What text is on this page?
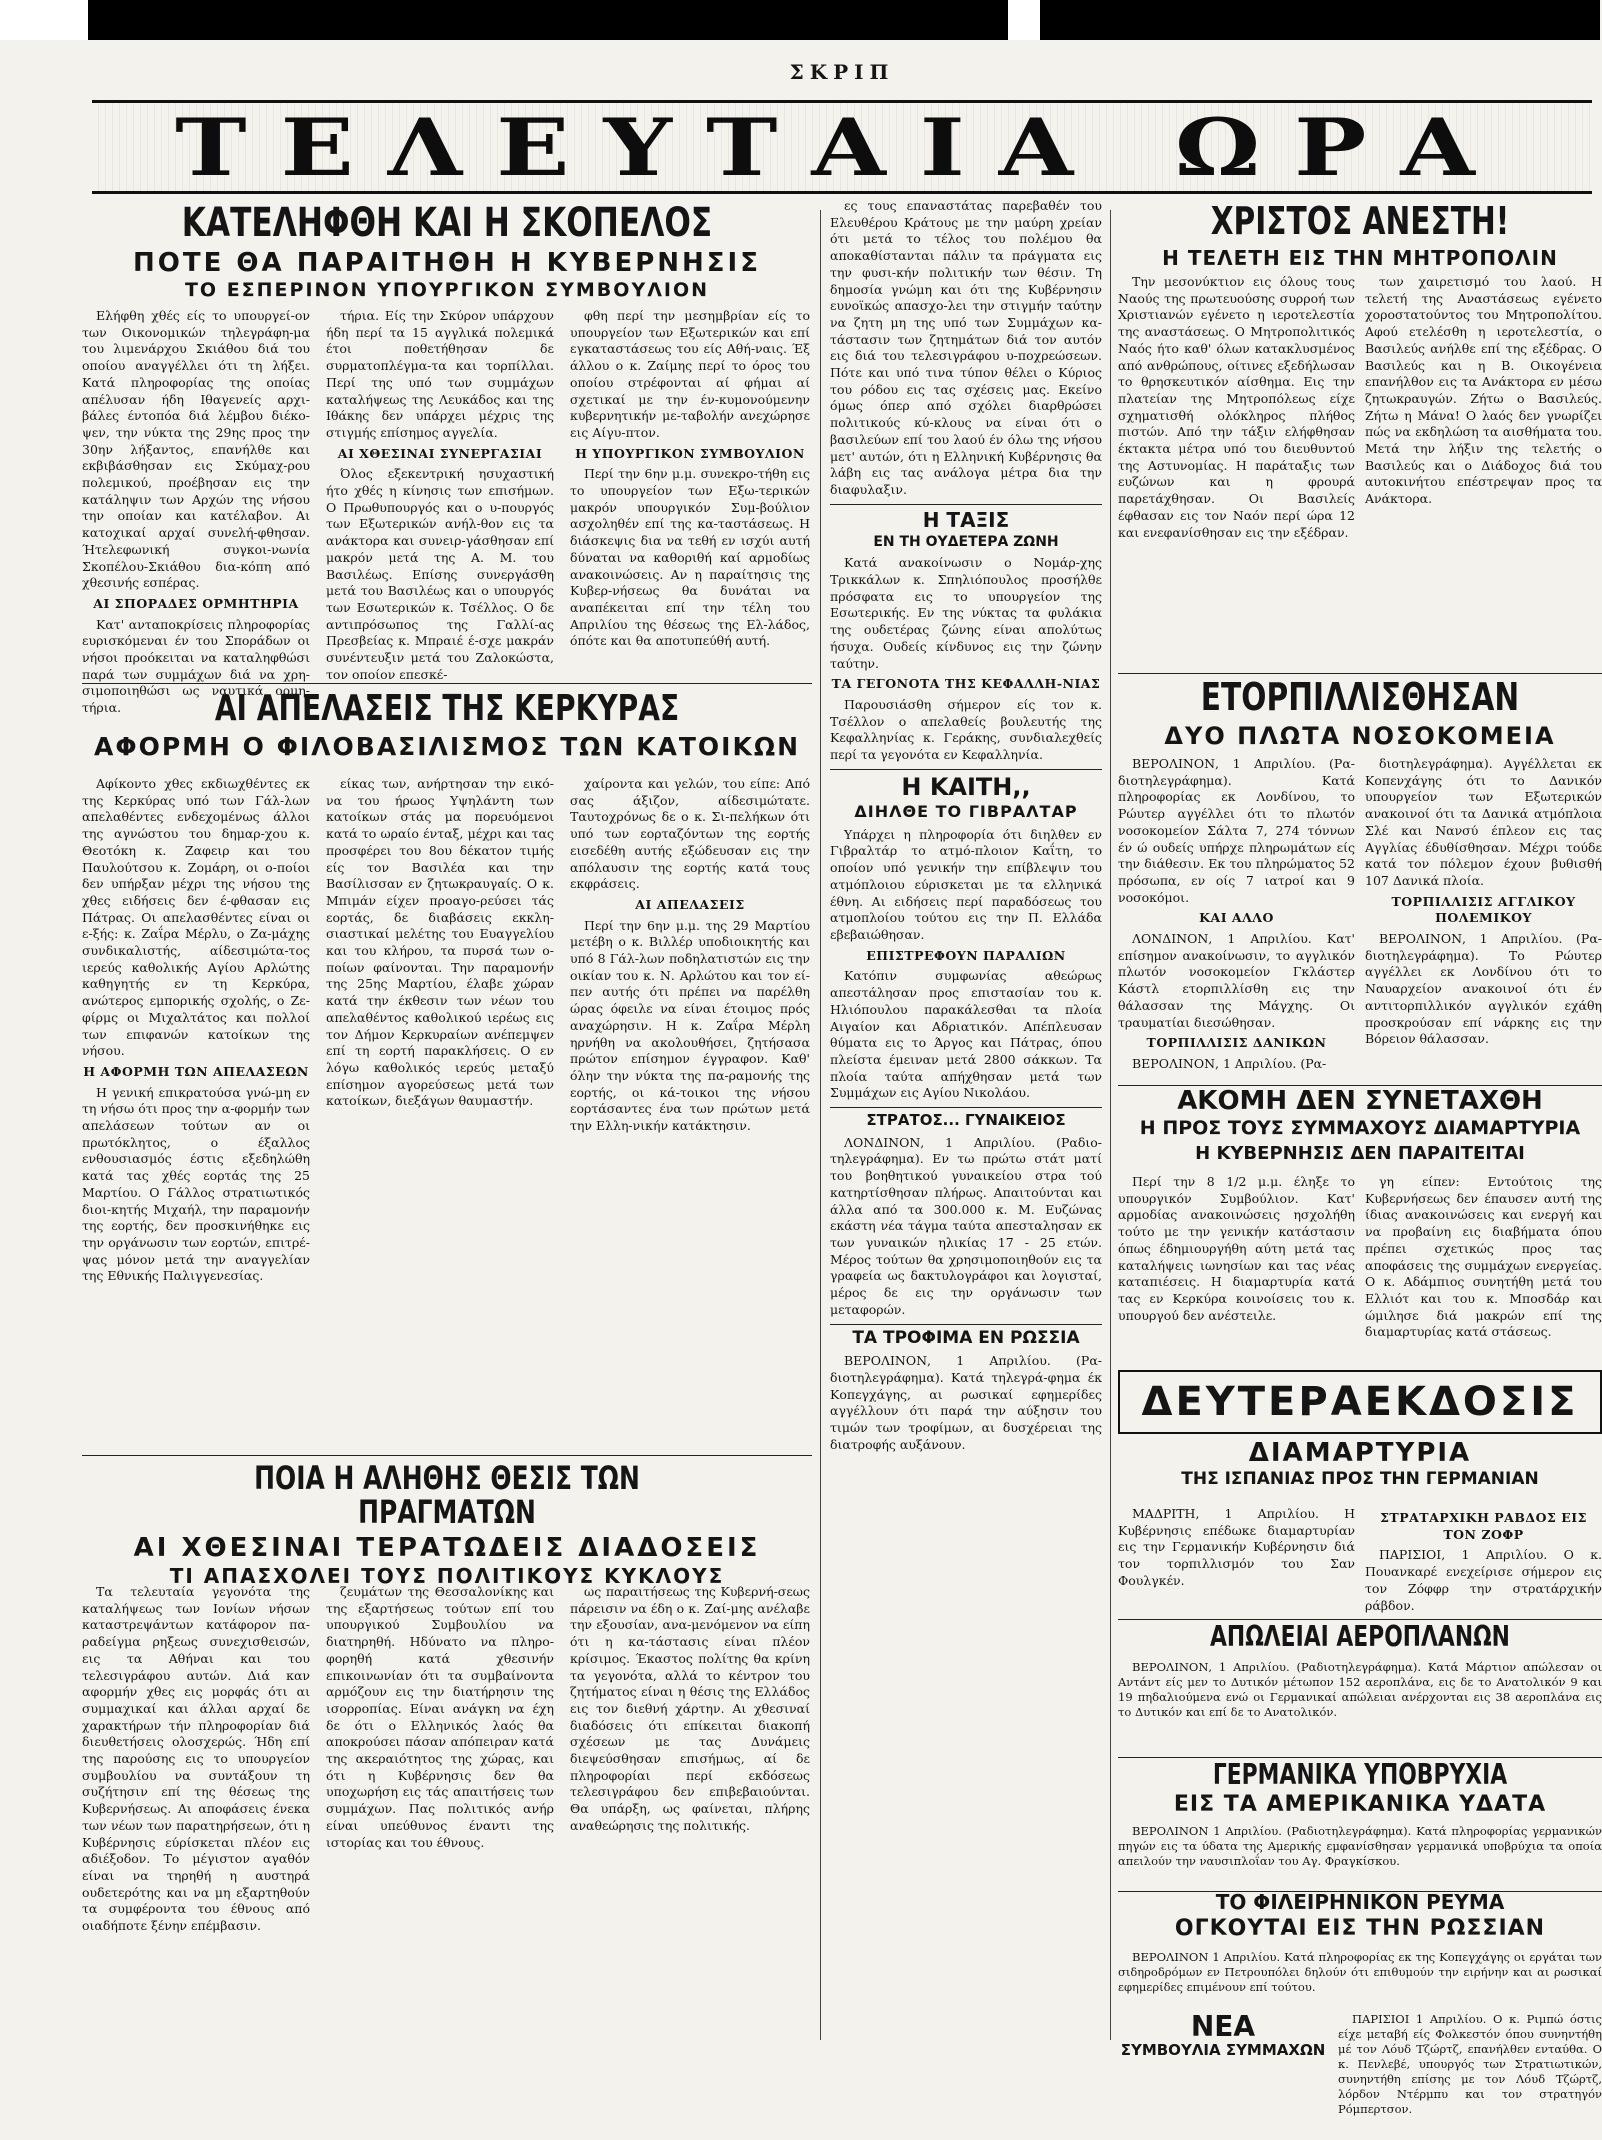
ΣΚΡΙΠ
ΤΕΛΕΥΤΑΙΑ ΩΡΑ
ΚΑΤΕΛΗΦΘΗ ΚΑΙ Η ΣΚΟΠΕΛΟΣ
ΠΟΤΕ ΘΑ ΠΑΡΑΙΤΗΘΗ Η ΚΥΒΕΡΝΗΣΙΣ
ΤΟ ΕΣΠΕΡΙΝΟΝ ΥΠΟΥΡΓΙΚΟΝ ΣΥΜΒΟΥΛΙΟΝ

Ελήφθη χθές είς το υπουργεί-ον των Οικονομικών τηλεγράφη-μα του λιμενάρχου Σκιάθου διά του οποίου αναγγέλλει ότι τη λήξει. Κατά πληροφορίας της οποίας απέλυσαν ήδη Ιθαγενείς αρχι-βάλες έντοπόα διά λέμβου διέκο-ψεν, την νύκτα της 29ης προς την 30ην λήξαντος, επανήλθε και εκβιβάσθησαν εις Σκύμαχ-ρου πολεμικού, προέβησαν εις την κατάληψιν των Αρχών της νήσου την οποίαν και κατέλαβον. Αι κατοχικαί αρχαί συνελή-φθησαν. Ήτελεφωνική συγκοι-νωνία Σκοπέλου-Σκιάθου δια-κόπη από χθεσινής εσπέρας.

ΑΙ ΣΠΟΡΑΔΕΣ ΟΡΜΗΤΗΡΙΑ

Κατ' ανταποκρίσεις πληροφορίας ευρισκόμεναι έν του Σποράδων οι νήσοι προόκειται να καταληφθώσι παρά των συμμάχων διά να χρη-σιμοποιηθώσι ως ναυτικά ορμη-τήρια.

τήρια. Είς την Σκύρον υπάρχουν ήδη περί τα 15 αγγλικά πολεμικά έτοι ποθετήθησαν δε συρματοπλέγμα-τα και τορπίλλαι. Περί της υπό των συμμάχων καταλήψεως της Λευκάδος και της Ιθάκης δεν υπάρχει μέχρις της στιγμής επίσημος αγγελία.

ΑΙ ΧΘΕΣΙΝΑΙ ΣΥΝΕΡΓΑΣΙΑΙ

Όλος εξεκεντρική ησυχαστική ήτο χθές η κίνησις των επισήμων. Ο Πρωθυπουργός και ο υ-πουργός των Εξωτερικών ανήλ-θον εις τα ανάκτορα και συνειρ-γάσθησαν επί μακρόν μετά της Α. Μ. του Βασιλέως. Επίσης συνεργάσθη μετά του Βασιλέως και ο υπουργός των Εσωτερικών κ. Τσέλλος. Ο δε αντιπρόσωπος της Γαλλί-ας Πρεσβείας κ. Μπραιέ έ-σχε μακράν συνέντευξιν μετά του Ζαλοκώστα, τον οποίον επεσκέ-

φθη περί την μεσημβρίαν είς το υπουργείον των Εξωτερικών και επί εγκαταστάσεως του είς Αθή-ναις. Έξ άλλου ο κ. Ζαίμης περί το όρος του οποίου στρέφονται αί φήμαι αί σχετικαί με την έν-κυμονούμενην κυβερνητικήν με-ταβολήν ανεχώρησε εις Αίγυ-πτον.

Η ΥΠΟΥΡΓΙΚΟΝ ΣΥΜΒΟΥΛΙΟΝ

Περί την 6ην μ.μ. συνεκρο-τήθη εις το υπουργείον των Εξω-τερικών μακρόν υπουργικόν Συμ-βούλιον ασχοληθέν επί της κα-ταστάσεως. Η διάσκεψις δια να τεθή εν ισχύι αυτή δύναται να καθοριθή καί αρμοδίως ανακοινώσεις. Αν η παραίτησις της Κυβερ-νήσεως θα δυνάται να αναπέκειται επί την τέλη του Απριλίου της θέσεως της Ελ-λάδος, όπότε και θα αποτυπεύθή αυτή.

ΑΙ ΑΠΕΛΑΣΕΙΣ ΤΗΣ ΚΕΡΚΥΡΑΣ
ΑΦΟΡΜΗ Ο ΦΙΛΟΒΑΣΙΛΙΣΜΟΣ ΤΩΝ ΚΑΤΟΙΚΩΝ

Αφίκοντο χθες εκδιωχθέντες εκ της Κερκύρας υπό των Γάλ-λων απελαθέντες ενδεχομένως άλλοι της αγνώστου του δημαρ-χου κ. Θεοτόκη κ. Ζαφειρ και του Παυλούτσου κ. Ζομάρη, οι ο-ποίοι δεν υπήρξαν μέχρι της νήσου της χθες ειδήσεις δεν έ-φθασαν εις Πάτρας. Οι απελασθέντες είναι οι ε-ξής: κ. Ζαΐρα Μέρλυ, ο Ζα-μάχης συνδικαλιστής, αίδεσιμώτα-τος ιερεύς καθολικής Αγίου Αρλώτης καθηγητής εν τη Κερκύρα, ανώτερος εμπορικής σχολής, ο Ζε-φίρμς οι Μιχαλτάτος και πολλοί των επιφανών κατοίκων της νήσου.

Η ΑΦΟΡΜΗ ΤΩΝ ΑΠΕΛΑΣΕΩΝ

Η γενική επικρατούσα γνώ-μη εν τη νήσω ότι προς την α-φορμήν των απελάσεων τούτων αν οι πρωτόκλητος, ο έξαλλος ενθουσιασμός έστις εξεδηλώθη κατά τας χθές εορτάς της 25 Μαρτίου. Ο Γάλλος στρατιωτικός διοι-κητής Μιχαήλ, την παραμονήν της εορτής, δεν προσκινήθηκε εις την οργάνωσιν των εορτών, επιτρέ-ψας μόνον μετά την αναγγελίαν της Εθνικής Παλιγγενεσίας.

είκας των, ανήρτησαν την εικό-να του ήρωος Υψηλάντη των κατοίκων στάς μα πορευόμενοι κατά το ωραίο ένταξ, μέχρι και τας προσφέρει του 8ου δέκατον τιμής είς τον Βασιλέα και την Βασίλισσαν εν ζητωκραυγαίς. Ο κ. Μπιμάν είχεν προαγο-ρεύσει τάς εορτάς, δε διαβάσεις εκκλη-σιαστικαί μελέτης του Ευαγγελίου και του κλήρου, τα πυρσά των ο-ποίων φαίνονται. Την παραμονήν της 25ης Μαρτίου, έλαβε χώραν κατά την έκθεσιν των νέων του απελαθέντος καθολικού ιερέως εις τον Δήμον Κερκυραίων ανέπεμψεν επί τη εορτή παρακλήσεις. Ο εν λόγω καθολικός ιερεύς μεταξύ επίσημον αγορεύσεως μετά των κατοίκων, διεξάγων θαυμαστήν.

χαίροντα και γελών, του είπε: Από σας άξιζον, αίδεσιμώτατε. Ταυτοχρόνως δε ο κ. Σι-πελήκων ότι υπό των εορταζόντων της εορτής εισεδέθη αυτής εξώδευσαν εις την απόλαυσιν της εορτής κατά τους εκφράσεις.

ΑΙ ΑΠΕΛΑΣΕΙΣ

Περί την 6ην μ.μ. της 29 Μαρτίου μετέβη ο κ. Βιλλέρ υποδιοικητής και υπό 8 Γάλ-λων ποδηλατιστών εις την οικίαν του κ. Ν. Αρλώτου και τον εί-πεν αυτής ότι πρέπει να παρέλθη ώρας όφειλε να είναι έτοιμος πρός αναχώρησιν. Η κ. Ζαΐρα Μέρλη ηρνήθη να ακολουθήσει, ζητήσασα πρώτον επίσημον έγγραφον. Καθ' όλην την νύκτα της πα-ραμονής της εορτής, οι κά-τοικοι της νήσου εορτάσαντες ένα των πρώτων μετά την Ελλη-νικήν κατάκτησιν.

ΠΟΙΑ Η ΑΛΗΘΗΣ ΘΕΣΙΣ ΤΩΝ ΠΡΑΓΜΑΤΩΝ
ΑΙ ΧΘΕΣΙΝΑΙ ΤΕΡΑΤΩΔΕΙΣ ΔΙΑΔΟΣΕΙΣ
ΤΙ ΑΠΑΣΧΟΛΕΙ ΤΟΥΣ ΠΟΛΙΤΙΚΟΥΣ ΚΥΚΛΟΥΣ

Τα τελευταία γεγονότα της καταλήψεως των Ιονίων νήσων καταστρεψάντων κατάφορον πα-ραδείγμα ρηξεως συνεχισθεισών, εις τα Αθήναι και του τελεσιγράφου αυτών. Διά καν αφορμήν χθες εις μορφάς ότι αι συμμαχικαί και άλλαι αρχαί δε χαρακτήρων τήν πληροφορίαν διά διευθετήσεις ολοσχερώς. Ήδη επί της παρούσης εις το υπουργείον συμβουλίου να συντάξουν τη συζήτησιν επί της θέσεως της Κυβερνήσεως. Αι αποφάσεις ένεκα των νέων των παρατηρήσεων, ότι η Κυβέρνησις εύρίσκεται πλέον εις αδιέξοδον. Το μέγιστον αγαθόν είναι να τηρηθή η αυστηρά ουδετερότης και να μη εξαρτηθούν τα συμφέροντα του έθνους από οιαδήποτε ξένην επέμβασιν.

ζευμάτων της Θεσσαλονίκης και της εξαρτήσεως τούτων επί του υπουργικού Συμβουλίου να διατηρηθή. Ηδύνατο να πληρο-φορηθή κατά χθεσινήν επικοινωνίαν ότι τα συμβαίνοντα αρμόζουν εις την διατήρησιν της ισορροπίας. Είναι ανάγκη να έχη δε ότι ο Ελληνικός λαός θα αποκρούσει πάσαν απόπειραν κατά της ακεραιότητος της χώρας, και ότι η Κυβέρνησις δεν θα υποχωρήση εις τάς απαιτήσεις των συμμάχων. Πας πολιτικός ανήρ είναι υπεύθυνος έναντι της ιστορίας και του έθνους.

ως παραιτήσεως της Κυβερνή-σεως πάρεισιν να έδη ο κ. Ζαί-μης ανέλαβε την εξουσίαν, ανα-μενόμενον να είπη ότι η κα-τάστασις είναι πλέον κρίσιμος. Έκαστος πολίτης θα κρίνη τα γεγονότα, αλλά το κέντρον του ζητήματος είναι η θέσις της Ελλάδος εις τον διεθνή χάρτην. Αι χθεσιναί διαδόσεις ότι επίκειται διακοπή σχέσεων με τας Δυνάμεις διεψεύσθησαν επισήμως, αί δε πληροφορίαι περί εκδόσεως τελεσιγράφου δεν επιβεβαιούνται. Θα υπάρξη, ως φαίνεται, πλήρης αναθεώρησις της πολιτικής.

ες τους επαναστάτας παρεβαθέν του Ελευθέρου Κράτους με την μαύρη χρείαν ότι μετά το τέλος του πολέμου θα αποκαθίστανται πάλιν τα πράγματα εις την φυσι-κήν πολιτικήν των θέσιν. Τη δημοσία γνώμη και ότι της Κυβέρνησιν ευνοϊκώς απασχο-λει την στιγμήν ταύτην να ζητη μη της υπό των Συμμάχων κα-τάστασιν των ζητημάτων διά τον αυτόν εις διά του τελεσιγράφου υ-ποχρεώσεων. Πότε και υπό τινα τύπον θέλει ο Κύριος του ρόδου εις τας σχέσεις μας. Εκείνο όμως όπερ από σχόλει διαρθρώσει πολιτικούς κύ-κλους να είναι ότι ο βασιλεύων επί του λαού έν όλω της νήσου μετ' αυτών, ότι η Ελληνική Κυβέρνησις θα λάβη εις τας ανάλογα μέτρα δια την διαφυλαξιν.

Η ΤΑΞΙΣ
ΕΝ ΤΗ ΟΥΔΕΤΕΡΑ ΖΩΝΗ

Κατά ανακοίνωσιν ο Νομάρ-χης Τρικκάλων κ. Σπηλιόπουλος προσήλθε πρόσφατα εις το υπουργείον της Εσωτερικής. Εν της νύκτας τα φυλάκια της ουδετέρας ζώνης είναι απολύτως ήσυχα. Ουδείς κίνδυνος εις την ζώνην ταύτην.

ΤΑ ΓΕΓΟΝΟΤΑ ΤΗΣ ΚΕΦΑΛΛΗ-ΝΙΑΣ

Παρουσιάσθη σήμερον είς τον κ. Τσέλλον ο απελαθείς βουλευτής της Κεφαλληνίας κ. Γεράκης, συνδιαλεχθείς περί τα γεγονότα εν Κεφαλληνία.

Η ΚΑΙΤΗ,,
ΔΙΗΛΘΕ ΤΟ ΓΙΒΡΑΛΤΑΡ

Υπάρχει η πληροφορία ότι διηλθεν εν Γιβραλτάρ το ατμό-πλοιον Καΐτη, το οποίον υπό γενικήν την επίβλεψιν του ατμόπλοιου εύρισκεται με τα ελληνικά έθνη. Αι ειδήσεις περί παραδόσεως του ατμοπλοίου τούτου εις την Π. Ελλάδα εβεβαιώθησαν.

ΕΠΙΣΤΡΕΦΟΥΝ ΠΑΡΑΛΙΩΝ

Κατόπιν συμφωνίας αθεώρως απεστάλησαν προς επιστασίαν του κ. Ηλιόπουλου παρακάλεσθαι τα πλοία Αιγαίον και Αδριατικόν. Απέπλευσαν θύματα εις το Άργος και Πάτρας, όπου πλείστα έμειναν μετά 2800 σάκκων. Τα πλοία ταύτα απήχθησαν μετά των Συμμάχων εις Αγίου Νικολάου.

ΣΤΡΑΤΟΣ... ΓΥΝΑΙΚΕΙΟΣ

ΛΟΝΔΙΝΟΝ, 1 Απριλίου. (Ραδιο-τηλεγράφημα). Εν τω πρώτω στάτ ματί του βοηθητικού γυναικείου στρα τού κατηρτίσθησαν πλήρως. Απαιτούνται και άλλα από τα 300.000 κ. Μ. Ευζώνας εκάστη νέα τάγμα ταύτα απεσταλησαν εκ των γυναικών ηλικίας 17 - 25 ετών. Μέρος τούτων θα χρησιμοποιηθούν εις τα γραφεία ως δακτυλογράφοι και λογισταί, μέρος δε εις την οργάνωσιν των μεταφορών.

ΤΑ ΤΡΟΦΙΜΑ ΕΝ ΡΩΣΣΙΑ

ΒΕΡΟΛΙΝΟΝ, 1 Απριλίου. (Ρα-διοτηλεγράφημα). Κατά τηλεγρά-φημα έκ Κοπεγχάγης, αι ρωσικαί εφημερίδες αγγέλλουν ότι παρά την αύξησιν του τιμών των τροφίμων, αι δυσχέρειαι της διατροφής αυξάνουν.

ΧΡΙΣΤΟΣ ΑΝΕΣΤΗ!
Η ΤΕΛΕΤΗ ΕΙΣ ΤΗΝ ΜΗΤΡΟΠΟΛΙΝ

Την μεσονύκτιον εις όλους τους Ναούς της πρωτευούσης συρροή των Χριστιανών εγένετο η ιεροτελεστία της αναστάσεως. Ο Μητροπολιτικός Ναός ήτο καθ' όλων κατακλυσμένος από ανθρώπους, οίτινες εξεδήλωσαν το θρησκευτικόν αίσθημα. Εις την πλατείαν της Μητροπόλεως είχε σχηματισθή ολόκληρος πλήθος πιστών. Από την τάξιν ελήφθησαν έκτακτα μέτρα υπό του διευθυντού της Αστυνομίας. Η παράταξις των ευζώνων και η φρουρά παρετάχθησαν. Οι Βασιλείς έφθασαν εις τον Ναόν περί ώρα 12 και ενεφανίσθησαν εις την εξέδραν.

των χαιρετισμό του λαού. Η τελετή της Αναστάσεως εγένετο χοροστατούντος του Μητροπολίτου. Αφού ετελέσθη η ιεροτελεστία, ο Βασιλεύς ανήλθε επί της εξέδρας. Ο Βασιλεύς και η Β. Οικογένεια επανήλθον εις τα Ανάκτορα εν μέσω ζητωκραυγών. Ζήτω ο Βασιλεύς. Ζήτω η Μάνα! Ο λαός δεν γνωρίζει πώς να εκδηλώση τα αισθήματα του. Μετά την λήξιν της τελετής ο Βασιλεύς και ο Διάδοχος διά του αυτοκινήτου επέστρεψαν προς τα Ανάκτορα.

ΕΤΟΡΠΙΛΛΙΣΘΗΣΑΝ
ΔΥΟ ΠΛΩΤΑ ΝΟΣΟΚΟΜΕΙΑ

ΒΕΡΟΛΙΝΟΝ, 1 Απριλίου. (Ρα-διοτηλεγράφημα). Κατά πληροφορίας εκ Λονδίνου, το Ρώυτερ αγγέλλει ότι το πλωτόν νοσοκομείον Σάλτα 7, 274 τόννων έν ώ ουδείς υπήρχε πληρωμάτων είς την διάθεσιν. Εκ του πληρώματος 52 πρόσωπα, εν οίς 7 ιατροί και 9 νοσοκόμοι.

ΚΑΙ ΑΛΛΟ

ΛΟΝΔΙΝΟΝ, 1 Απριλίου. Κατ' επίσημον ανακοίνωσιν, το αγγλικόν πλωτόν νοσοκομείον Γκλάστερ Κάστλ ετορπιλλίσθη εις την θάλασσαν της Μάγχης. Οι τραυματίαι διεσώθησαν.

ΤΟΡΠΙΛΛΙΣΙΣ ΔΑΝΙΚΩΝ

ΒΕΡΟΛΙΝΟΝ, 1 Απριλίου. (Ρα-

διοτηλεγράφημα). Αγγέλλεται εκ Κοπενχάγης ότι το Δανικόν υπουργείον των Εξωτερικών ανακοινοί ότι τα Δανικά ατμόπλοια Σλέ και Νανσύ έπλεον εις τας Αγγλίας έδυθίσθησαν. Μέχρι τούδε κατά τον πόλεμον έχουν βυθισθή 107 Δανικά πλοία.

ΤΟΡΠΙΛΛΙΣΙΣ ΑΓΓΛΙΚΟΥ ΠΟΛΕΜΙΚΟΥ

ΒΕΡΟΛΙΝΟΝ, 1 Απριλίου. (Ρα-διοτηλεγράφημα). Το Ρώυτερ αγγέλλει εκ Λονδίνου ότι το Ναυαρχείον ανακοινοί ότι έν αντιτορπιλλικόν αγγλικόν εχάθη προσκρούσαν επί νάρκης εις την Βόρειον θάλασσαν.

ΑΚΟΜΗ ΔΕΝ ΣΥΝΕΤΑΧΘΗ
Η ΠΡΟΣ ΤΟΥΣ ΣΥΜΜΑΧΟΥΣ ΔΙΑΜΑΡΤΥΡΙΑ
Η ΚΥΒΕΡΝΗΣΙΣ ΔΕΝ ΠΑΡΑΙΤΕΙΤΑΙ

Περί την 8 1/2 μ.μ. έληξε το υπουργικόν Συμβούλιον. Κατ' αρμοδίας ανακοινώσεις ησχολήθη τούτο με την γενικήν κατάστασιν όπως έδημιουργήθη αύτη μετά τας καταλήψεις ιωνησίων και τας νέας καταπιέσεις. Η διαμαρτυρία κατά τας εν Κερκύρα κοινοίσεις του κ. υπουργού δεν ανέστειλε.

γη είπεν: Εντούτοις της Κυβερνήσεως δεν έπαυσεν αυτή της ίδιας ανακοινώσεις και ενεργή και να προβαίνη εις διαβήματα όπου πρέπει σχετικώς προς τας αποφάσεις της συμμάχων ενεργείας. Ο κ. Αδάμπιος συνητήθη μετά του Ελλιότ και του κ. Μποσδάρ και ώμιλησε διά μακρών επί της διαμαρτυρίας κατά στάσεως.

ΔΕΥΤΕΡΑΕΚΔΟΣΙΣ
ΔΙΑΜΑΡΤΥΡΙΑ
ΤΗΣ ΙΣΠΑΝΙΑΣ ΠΡΟΣ ΤΗΝ ΓΕΡΜΑΝΙΑΝ

ΜΑΔΡΙΤΗ, 1 Απριλίου. Η Κυβέρνησις επέδωκε διαμαρτυρίαν εις την Γερμανικήν Κυβέρνησιν διά τον τορπιλλισμόν του Σαν Φουλγκέν.

ΣΤΡΑΤΑΡΧΙΚΗ ΡΑΒΔΟΣ ΕΙΣ ΤΟΝ ΖΟΦΡ

ΠΑΡΙΣΙΟΙ, 1 Απριλίου. Ο κ. Πουανκαρέ ενεχείρισε σήμερον εις τον Ζόφφρ την στρατάρχικήν ράβδον.

ΑΠΩΛΕΙΑΙ ΑΕΡΟΠΛΑΝΩΝ

ΒΕΡΟΛΙΝΟΝ, 1 Απριλίου. (Ραδιοτηλεγράφημα). Κατά Μάρτιον απώλεσαν οι Αντάντ είς μεν το Δυτικόν μέτωπον 152 αεροπλάνα, εις δε το Ανατολικόν 9 και 19 πηδαλιούμενα ενώ οι Γερμανικαί απώλειαι ανέρχονται εις 38 αεροπλάνα εις το Δυτικόν και επί δε το Ανατολικόν.

ΓΕΡΜΑΝΙΚΑ ΥΠΟΒΡΥΧΙΑ
ΕΙΣ ΤΑ ΑΜΕΡΙΚΑΝΙΚΑ ΥΔΑΤΑ

ΒΕΡΟΛΙΝΟΝ 1 Απριλίου. (Ραδιοτηλεγράφημα). Κατά πληροφορίας γερμανικών πηγών εις τα ύδατα της Αμερικής εμφανίσθησαν γερμανικά υποβρύχια τα οποία απειλούν την ναυσιπλοΐαν του Αγ. Φραγκίσκου.

ΤΟ ΦΙΛΕΙΡΗΝΙΚΟΝ ΡΕΥΜΑ
ΟΓΚΟΥΤΑΙ ΕΙΣ ΤΗΝ ΡΩΣΣΙΑΝ

ΒΕΡΟΛΙΝΟΝ 1 Απριλίου. Κατά πληροφορίας εκ της Κοπεγχάγης οι εργάται των σιδηροδρόμων εν Πετρουπόλει δηλούν ότι επιθυμούν την ειρήνην και αι ρωσικαί εφημερίδες επιμένουν επί τούτου.

ΝΕΑ
ΣΥΜΒΟΥΛΙΑ ΣΥΜΜΑΧΩΝ

ΠΑΡΙΣΙΟΙ 1 Απριλίου. Ο κ. Ριμπώ όστις είχε μεταβή είς Φολκεστόν όπου συνηντήθη μέ τον Λόυδ Τζώρτζ, επανήλθεν ενταύθα. Ο κ. Πενλεβέ, υπουργός των Στρατιωτικών, συνηντήθη επίσης με τον Λόυδ Τζώρτζ, λόρδον Ντέρμπυ και τον στρατηγόν Ρόμπερτσον.
